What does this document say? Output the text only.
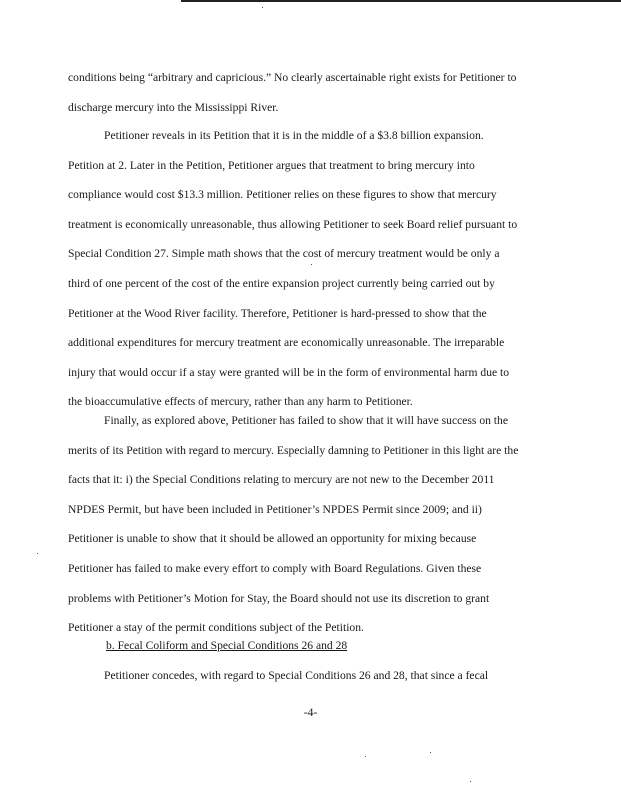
conditions being “arbitrary and capricious.” No clearly ascertainable right exists for Petitioner to
discharge mercury into the Mississippi River.
Petitioner reveals in its Petition that it is in the middle of a $3.8 billion expansion.
Petition at 2. Later in the Petition, Petitioner argues that treatment to bring mercury into
compliance would cost $13.3 million. Petitioner relies on these figures to show that mercury
treatment is economically unreasonable, thus allowing Petitioner to seek Board relief pursuant to
Special Condition 27. Simple math shows that the cost of mercury treatment would be only a
third of one percent of the cost of the entire expansion project currently being carried out by
Petitioner at the Wood River facility. Therefore, Petitioner is hard-pressed to show that the
additional expenditures for mercury treatment are economically unreasonable. The irreparable
injury that would occur if a stay were granted will be in the form of environmental harm due to
the bioaccumulative effects of mercury, rather than any harm to Petitioner.
Finally, as explored above, Petitioner has failed to show that it will have success on the
merits of its Petition with regard to mercury. Especially damning to Petitioner in this light are the
facts that it: i) the Special Conditions relating to mercury are not new to the December 2011
NPDES Permit, but have been included in Petitioner’s NPDES Permit since 2009; and ii)
Petitioner is unable to show that it should be allowed an opportunity for mixing because
Petitioner has failed to make every effort to comply with Board Regulations. Given these
problems with Petitioner’s Motion for Stay, the Board should not use its discretion to grant
Petitioner a stay of the permit conditions subject of the Petition.
b. Fecal Coliform and Special Conditions 26 and 28
Petitioner concedes, with regard to Special Conditions 26 and 28, that since a fecal
-4-
